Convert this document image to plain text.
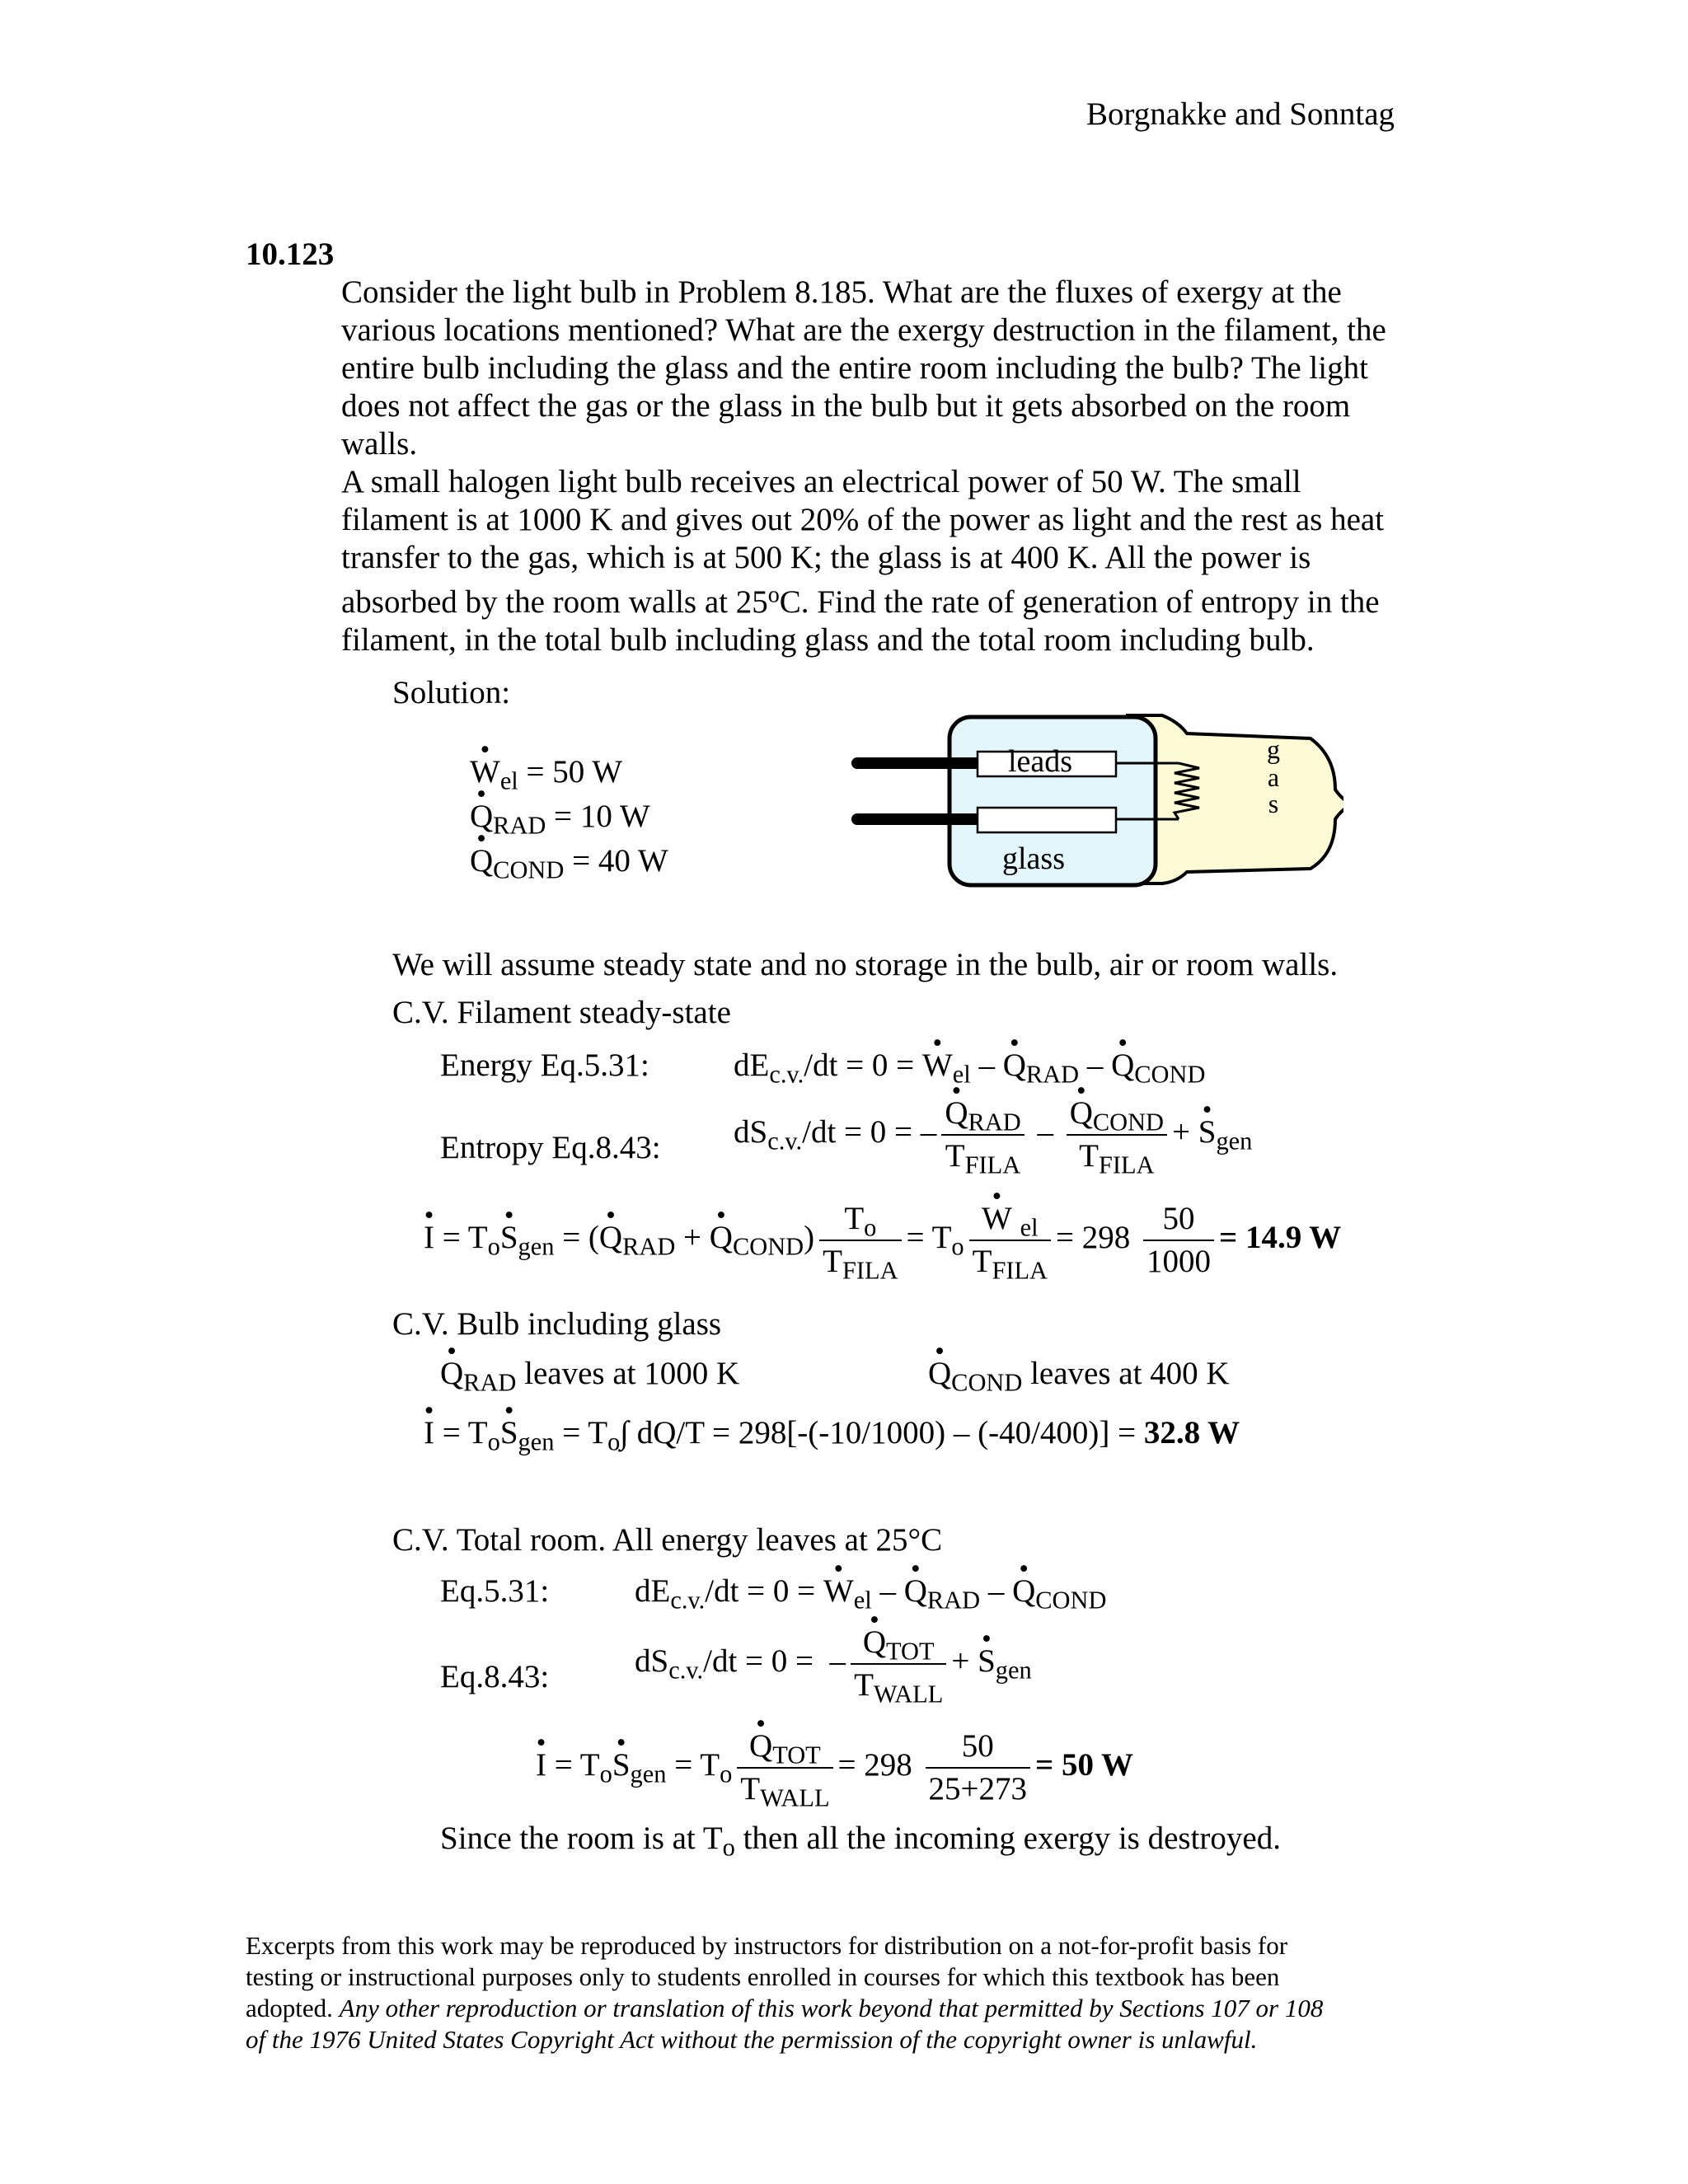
Borgnakke and Sonntag
10.123
Consider the light bulb in Problem 8.185. What are the fluxes of exergy at the
various locations mentioned? What are the exergy destruction in the filament, the
entire bulb including the glass and the entire room including the bulb? The light
does not affect the gas or the glass in the bulb but it gets absorbed on the room
walls.
A small halogen light bulb receives an electrical power of 50 W. The small
filament is at 1000 K and gives out 20% of the power as light and the rest as heat
transfer to the gas, which is at 500 K; the glass is at 400 K. All the power is
absorbed by the room walls at 25$^o$C. Find the rate of generation of entropy in the
filament, in the total bulb including glass and the total room including bulb.
Solution:
• $W_{el} = 50$ W
• $Q_{RAD} = 10$ W
• $Q_{COND} = 40$ W
leads
glass
g
a
s
We will assume steady state and no storage in the bulb, air or room walls.
C.V. Filament steady-state
Energy Eq.5.31:	$dE_{c.v.}/dt = 0$ = • $W_{el}$ – • $Q_{RAD}$ – • $Q_{COND}$
Entropy Eq.8.43: $dS_{c.v.}/dt = 0$ = – • $\frac{Q_{RAD}}{T_{FILA}}$ – • $\frac{Q_{COND}}{T_{FILA}}$ + • $S_{gen}$
• $I = T_o•$ $S_{gen}$ = (• $Q_{RAD}$ + • $Q_{COND}) \frac{T_o}{T_{FILA}} = T_o$ • $\frac{W _{el}}{T_{FILA}} = 298 \frac{50}{1000} = 14.9$ W
C.V. Bulb including glass
• $Q_{RAD}$ leaves at 1000 K	• $Q_{COND}$ leaves at 400 K
• $I = T_o•$ $S_{gen} = T_o\int$ dQ/T = 298[-(-10/1000) – (-40/400)] = 32.8 W
C.V. Total room. All energy leaves at 25°C
Eq.5.31:	$dE_{c.v.}/dt = 0$ = • $W_{el}$ – • $Q_{RAD}$ – • $Q_{COND}$
Eq.8.43:	$dS_{c.v.}/dt = 0$ =  – • $\frac{Q_{TOT}}{T_{WALL}}$ + • $S_{gen}$
• $I = T_o•$ $S_{gen} = T_o$ • $\frac{Q_{TOT}}{T_{WALL}} = 298 \frac{50}{25+273} = 50$ W
Since the room is at $T_o$ then all the incoming exergy is destroyed.
Excerpts from this work may be reproduced by instructors for distribution on a not-for-profit basis for
testing or instructional purposes only to students enrolled in courses for which this textbook has been
adopted. Any other reproduction or translation of this work beyond that permitted by Sections 107 or 108
of the 1976 United States Copyright Act without the permission of the copyright owner is unlawful.
